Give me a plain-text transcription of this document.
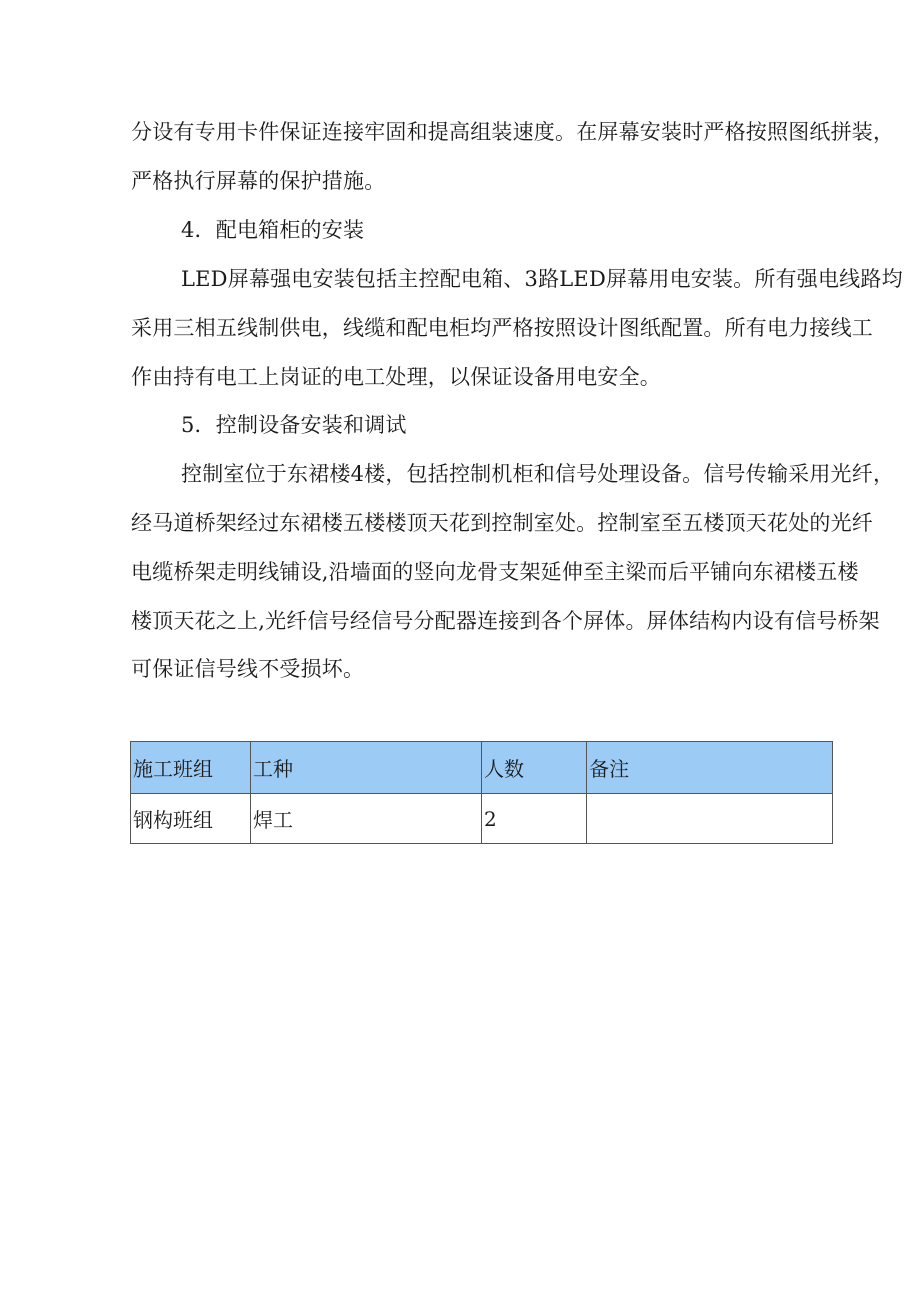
分设有专用卡件保证连接牢固和提高组装速度。在屏幕安装时严格按照图纸拼装，
严格执行屏幕的保护措施。
4．配电箱柜的安装
LED屏幕强电安装包括主控配电箱、3路LED屏幕用电安装。所有强电线路均
采用三相五线制供电，线缆和配电柜均严格按照设计图纸配置。所有电力接线工
作由持有电工上岗证的电工处理，以保证设备用电安全。
5．控制设备安装和调试
控制室位于东裙楼4楼，包括控制机柜和信号处理设备。信号传输采用光纤，
经马道桥架经过东裙楼五楼楼顶天花到控制室处。控制室至五楼顶天花处的光纤
电缆桥架走明线铺设,沿墙面的竖向龙骨支架延伸至主梁而后平铺向东裙楼五楼
楼顶天花之上,光纤信号经信号分配器连接到各个屏体。屏体结构内设有信号桥架
可保证信号线不受损坏。
施工班组	工种	人数	备注
钢构班组	焊工	2	
